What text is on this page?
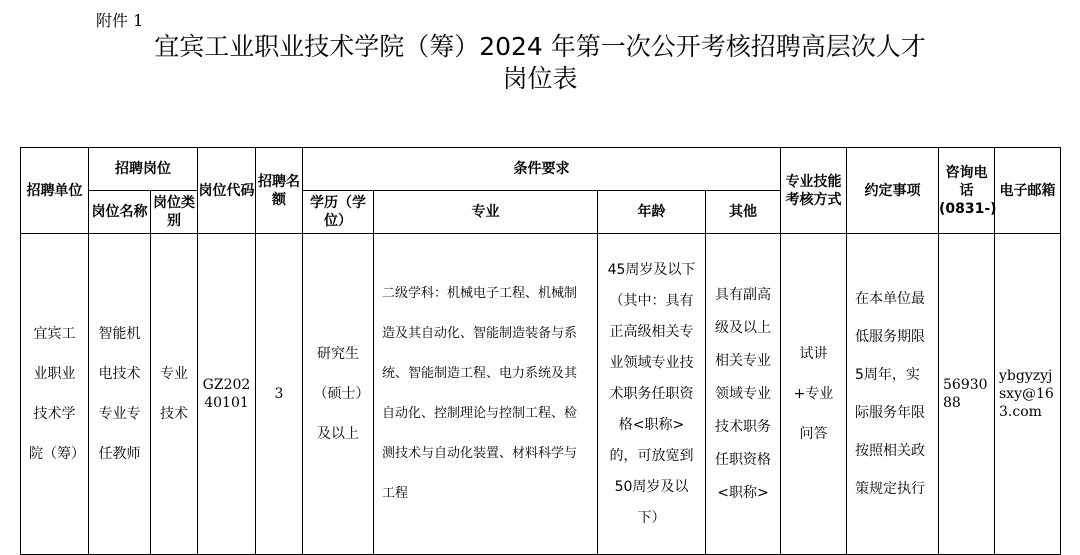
附件 1
宜宾工业职业技术学院（筹）2024 年第一次公开考核招聘高层次人才
岗位表
招聘单位	招聘岗位		岗位代码	招聘名额	条件要求				专业技能考核方式	约定事项	咨询电话(0831-)	电子邮箱
	岗位名称	岗位类别			学历（学位）	专业	年龄	其他				

宜宾工业职业技术学院（筹）	智能机电技术专业专任教师	专业技术	GZ20240101	3	研究生（硕士）及以上	二级学科：机械电子工程、机械制造及其自动化、智能制造装备与系统、智能制造工程、电力系统及其自动化、控制理论与控制工程、检测技术与自动化装置、材料科学与工程	45周岁及以下（其中：具有正高级相关专业领域专业技术职务任职资格<职称>的，可放宽到50周岁及以下）	具有副高级及以上相关专业领域专业技术职务任职资格<职称>	试讲+专业问答	在本单位最低服务期限5周年，实际服务年限按照相关政策规定执行	5693088	ybgyzyjsxy@163.com
